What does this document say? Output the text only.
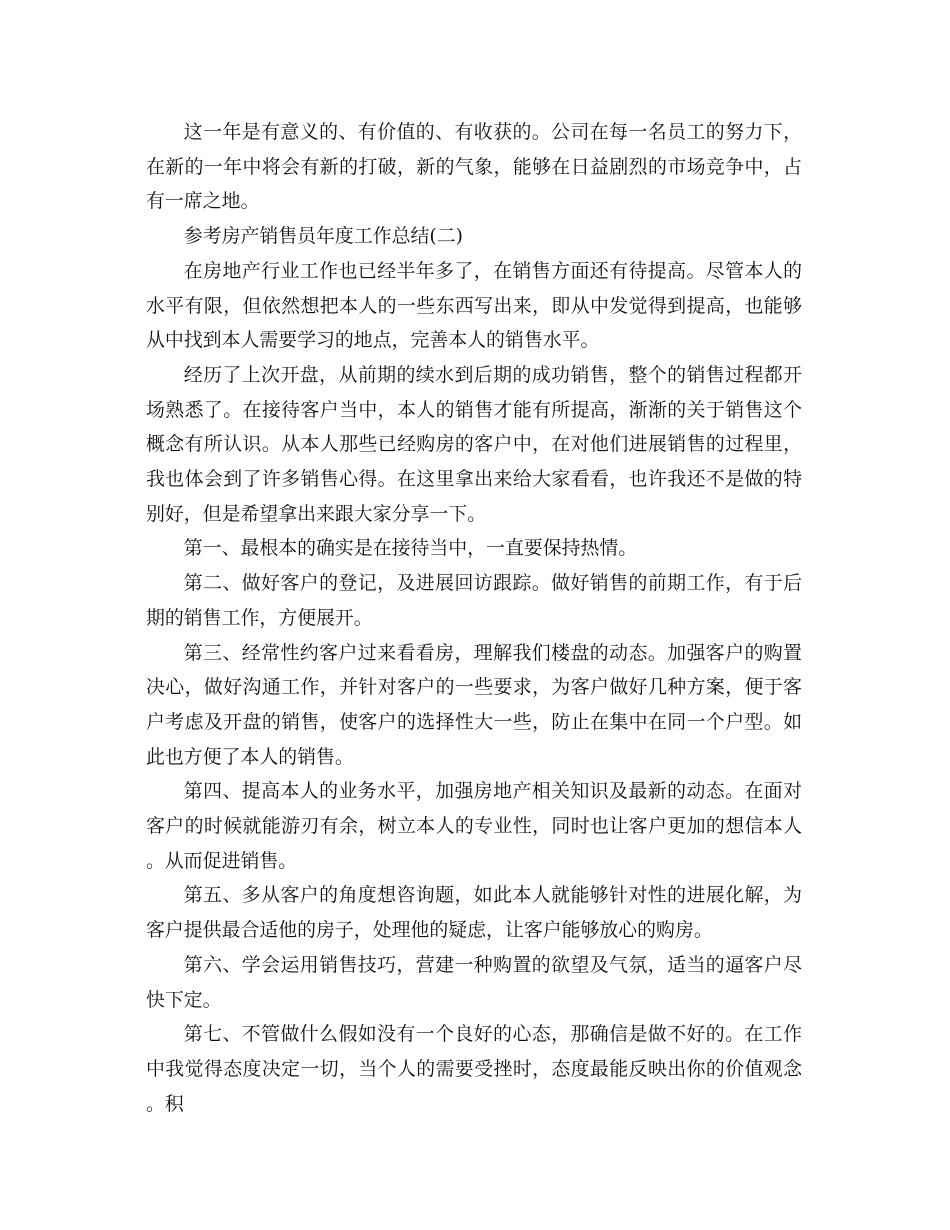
这一年是有意义的、有价值的、有收获的。公司在每一名员工的努力下，在新的一年中将会有新的打破，新的气象，能够在日益剧烈的市场竞争中，占有一席之地。

参考房产销售员年度工作总结(二)

在房地产行业工作也已经半年多了，在销售方面还有待提高。尽管本人的水平有限，但依然想把本人的一些东西写出来，即从中发觉得到提高，也能够从中找到本人需要学习的地点，完善本人的销售水平。

经历了上次开盘，从前期的续水到后期的成功销售，整个的销售过程都开场熟悉了。在接待客户当中，本人的销售才能有所提高，渐渐的关于销售这个概念有所认识。从本人那些已经购房的客户中，在对他们进展销售的过程里，我也体会到了许多销售心得。在这里拿出来给大家看看，也许我还不是做的特别好，但是希望拿出来跟大家分享一下。

第一、最根本的确实是在接待当中，一直要保持热情。

第二、做好客户的登记，及进展回访跟踪。做好销售的前期工作，有于后期的销售工作，方便展开。

第三、经常性约客户过来看看房，理解我们楼盘的动态。加强客户的购置决心，做好沟通工作，并针对客户的一些要求，为客户做好几种方案，便于客户考虑及开盘的销售，使客户的选择性大一些，防止在集中在同一个户型。如此也方便了本人的销售。

第四、提高本人的业务水平，加强房地产相关知识及最新的动态。在面对客户的时候就能游刃有余，树立本人的专业性，同时也让客户更加的想信本人。从而促进销售。

第五、多从客户的角度想咨询题，如此本人就能够针对性的进展化解，为客户提供最合适他的房子，处理他的疑虑，让客户能够放心的购房。

第六、学会运用销售技巧，营建一种购置的欲望及气氛，适当的逼客户尽快下定。

第七、不管做什么假如没有一个良好的心态，那确信是做不好的。在工作中我觉得态度决定一切，当个人的需要受挫时，态度最能反映出你的价值观念。积
